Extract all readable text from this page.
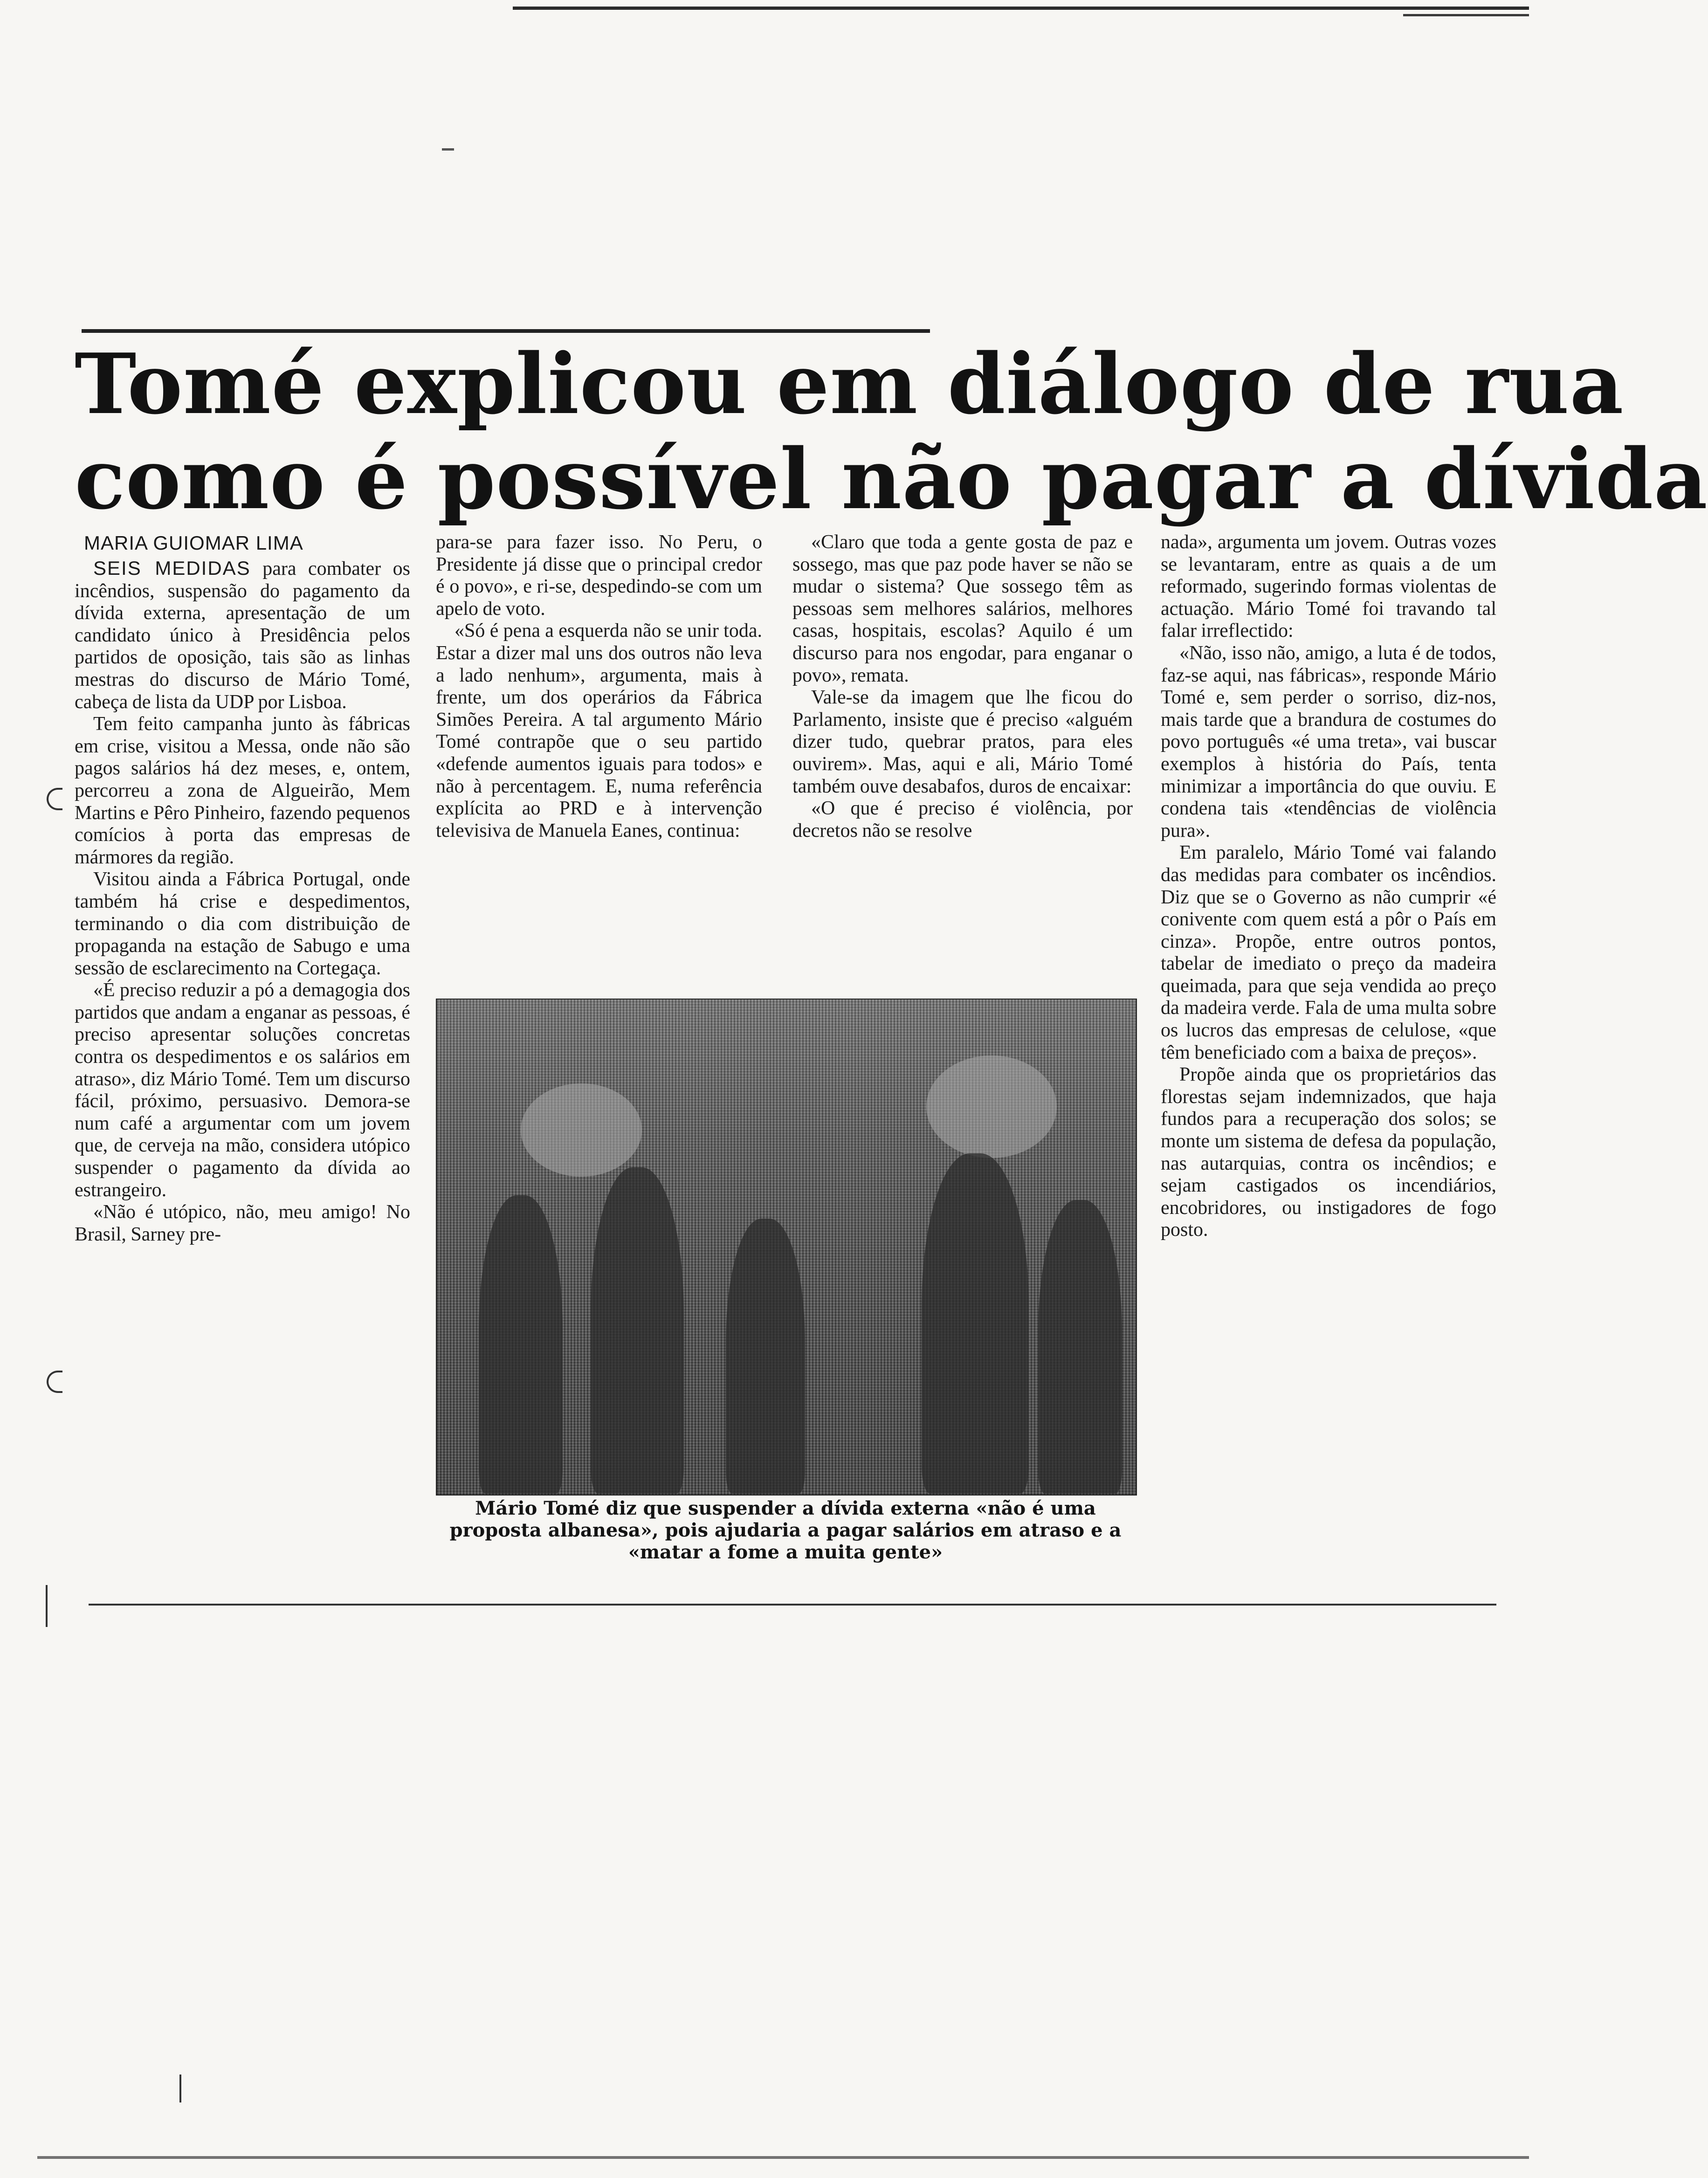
Tomé explicou em diálogo de rua
como é possível não pagar a dívida

MARIA GUIOMAR LIMA

SEIS MEDIDAS para combater os incêndios, suspensão do pagamento da dívida externa, apresentação de um candidato único à Presidência pelos partidos de oposição, tais são as linhas mestras do discurso de Mário Tomé, cabeça de lista da UDP por Lisboa.

Tem feito campanha junto às fábricas em crise, visitou a Messa, onde não são pagos salários há dez meses, e, ontem, percorreu a zona de Algueirão, Mem Martins e Pêro Pinheiro, fazendo pequenos comícios à porta das empresas de mármores da região.

Visitou ainda a Fábrica Portugal, onde também há crise e despedimentos, terminando o dia com distribuição de propaganda na estação de Sabugo e uma sessão de esclarecimento na Cortegaça.

«É preciso reduzir a pó a demagogia dos partidos que andam a enganar as pessoas, é preciso apresentar soluções concretas contra os despedimentos e os salários em atraso», diz Mário Tomé. Tem um discurso fácil, próximo, persuasivo. Demora-se num café a argumentar com um jovem que, de cerveja na mão, considera utópico suspender o pagamento da dívida ao estrangeiro.

«Não é utópico, não, meu amigo! No Brasil, Sarney pre-

para-se para fazer isso. No Peru, o Presidente já disse que o principal credor é o povo», e ri-se, despedindo-se com um apelo de voto.

«Só é pena a esquerda não se unir toda. Estar a dizer mal uns dos outros não leva a lado nenhum», argumenta, mais à frente, um dos operários da Fábrica Simões Pereira. A tal argumento Mário Tomé contrapõe que o seu partido «defende aumentos iguais para todos» e não à percentagem. E, numa referência explícita ao PRD e à intervenção televisiva de Manuela Eanes, continua:

«Claro que toda a gente gosta de paz e sossego, mas que paz pode haver se não se mudar o sistema? Que sossego têm as pessoas sem melhores salários, melhores casas, hospitais, escolas? Aquilo é um discurso para nos engodar, para enganar o povo», remata.

Vale-se da imagem que lhe ficou do Parlamento, insiste que é preciso «alguém dizer tudo, quebrar pratos, para eles ouvirem». Mas, aqui e ali, Mário Tomé também ouve desabafos, duros de encaixar:

«O que é preciso é violência, por decretos não se resolve

nada», argumenta um jovem. Outras vozes se levantaram, entre as quais a de um reformado, sugerindo formas violentas de actuação. Mário Tomé foi travando tal falar irreflectido:

«Não, isso não, amigo, a luta é de todos, faz-se aqui, nas fábricas», responde Mário Tomé e, sem perder o sorriso, diz-nos, mais tarde que a brandura de costumes do povo português «é uma treta», vai buscar exemplos à história do País, tenta minimizar a importância do que ouviu. E condena tais «tendências de violência pura».

Em paralelo, Mário Tomé vai falando das medidas para combater os incêndios. Diz que se o Governo as não cumprir «é conivente com quem está a pôr o País em cinza». Propõe, entre outros pontos, tabelar de imediato o preço da madeira queimada, para que seja vendida ao preço da madeira verde. Fala de uma multa sobre os lucros das empresas de celulose, «que têm beneficiado com a baixa de preços».

Propõe ainda que os proprietários das florestas sejam indemnizados, que haja fundos para a recuperação dos solos; se monte um sistema de defesa da população, nas autarquias, contra os incêndios; e sejam castigados os incendiários, encobridores, ou instigadores de fogo posto.

Mário Tomé diz que suspender a dívida externa «não é uma proposta albanesa», pois ajudaria a pagar salários em atraso e a «matar a fome a muita gente»
